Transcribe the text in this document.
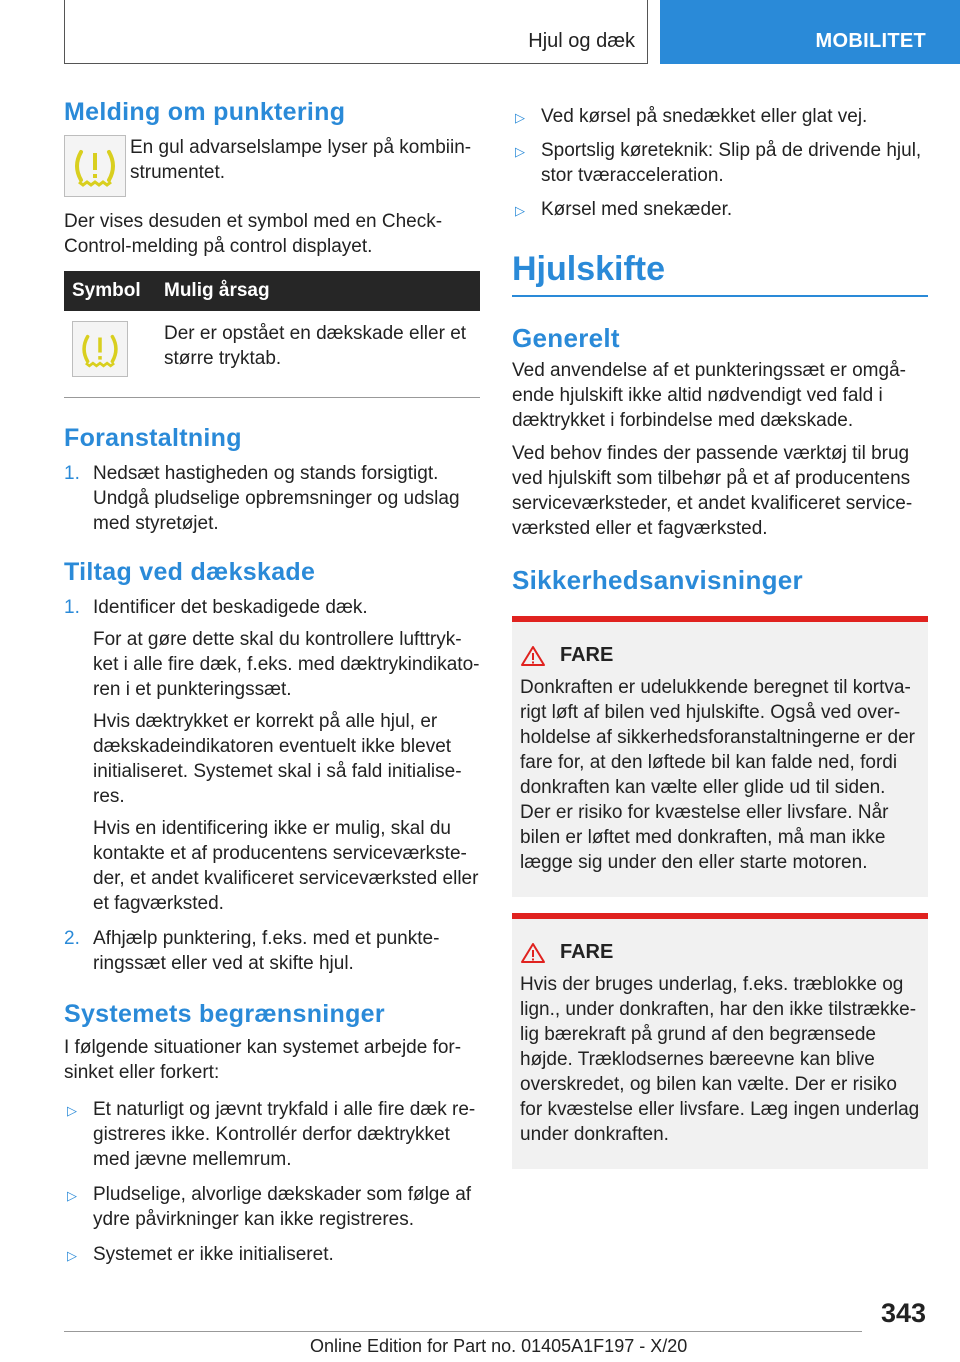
Hjul og dæk	MOBILITET
Melding om punktering

En gul advarselslampe lyser på kombiin-strumentet.

Der vises desuden et symbol med en Check-Control-melding på control displayet.

Symbol	Mulig årsag

	Der er opstået en dækskade eller et større tryktab.
Foranstaltning
1. Nedsæt hastigheden og stands forsigtigt. Undgå pludselige opbremsninger og udslag med styretøjet.
Tiltag ved dækskade
1. Identificer det beskadigede dæk.
For at gøre dette skal du kontrollere lufttryk-ket i alle fire dæk, f.eks. med dæktrykindikato-ren i et punkteringssæt.
Hvis dæktrykket er korrekt på alle hjul, er dækskadeindikatoren eventuelt ikke blevet initialiseret. Systemet skal i så fald initialise-res.
Hvis en identificering ikke er mulig, skal du kontakte et af producentens serviceværkste-der, et andet kvalificeret serviceværksted eller et fagværksted.
2. Afhjælp punktering, f.eks. med et punkte-ringssæt eller ved at skifte hjul.
Systemets begrænsninger

I følgende situationer kan systemet arbejde for-sinket eller forkert:

▷ Et naturligt og jævnt trykfald i alle fire dæk re-gistreres ikke. Kontrollér derfor dæktrykket med jævne mellemrum.
▷ Pludselige, alvorlige dækskader som følge af ydre påvirkninger kan ikke registreres.
▷ Systemet er ikke initialiseret.
▷ Ved kørsel på snedækket eller glat vej.
▷ Sportslig køreteknik: Slip på de drivende hjul, stor tværacceleration.
▷ Kørsel med snekæder.
Hjulskifte
Generelt

Ved anvendelse af et punkteringssæt er omgå-ende hjulskift ikke altid nødvendigt ved fald i dæktrykket i forbindelse med dækskade.

Ved behov findes der passende værktøj til brug ved hjulskift som tilbehør på et af producentens serviceværksteder, et andet kvalificeret service-værksted eller et fagværksted.

Sikkerhedsanvisninger
FARE

Donkraften er udelukkende beregnet til kortva-rigt løft af bilen ved hjulskifte. Også ved over-holdelse af sikkerhedsforanstaltningerne er der fare for, at den løftede bil kan falde ned, fordi donkraften kan vælte eller glide ud til siden. Der er risiko for kvæstelse eller livsfare. Når bilen er løftet med donkraften, må man ikke lægge sig under den eller starte motoren.

FARE

Hvis der bruges underlag, f.eks. træblokke og lign., under donkraften, har den ikke tilstrække-lig bærekraft på grund af den begrænsede højde. Træklodsernes bæreevne kan blive overskredet, og bilen kan vælte. Der er risiko for kvæstelse eller livsfare. Læg ingen underlag under donkraften.

343
Online Edition for Part no. 01405A1F197 - X/20
